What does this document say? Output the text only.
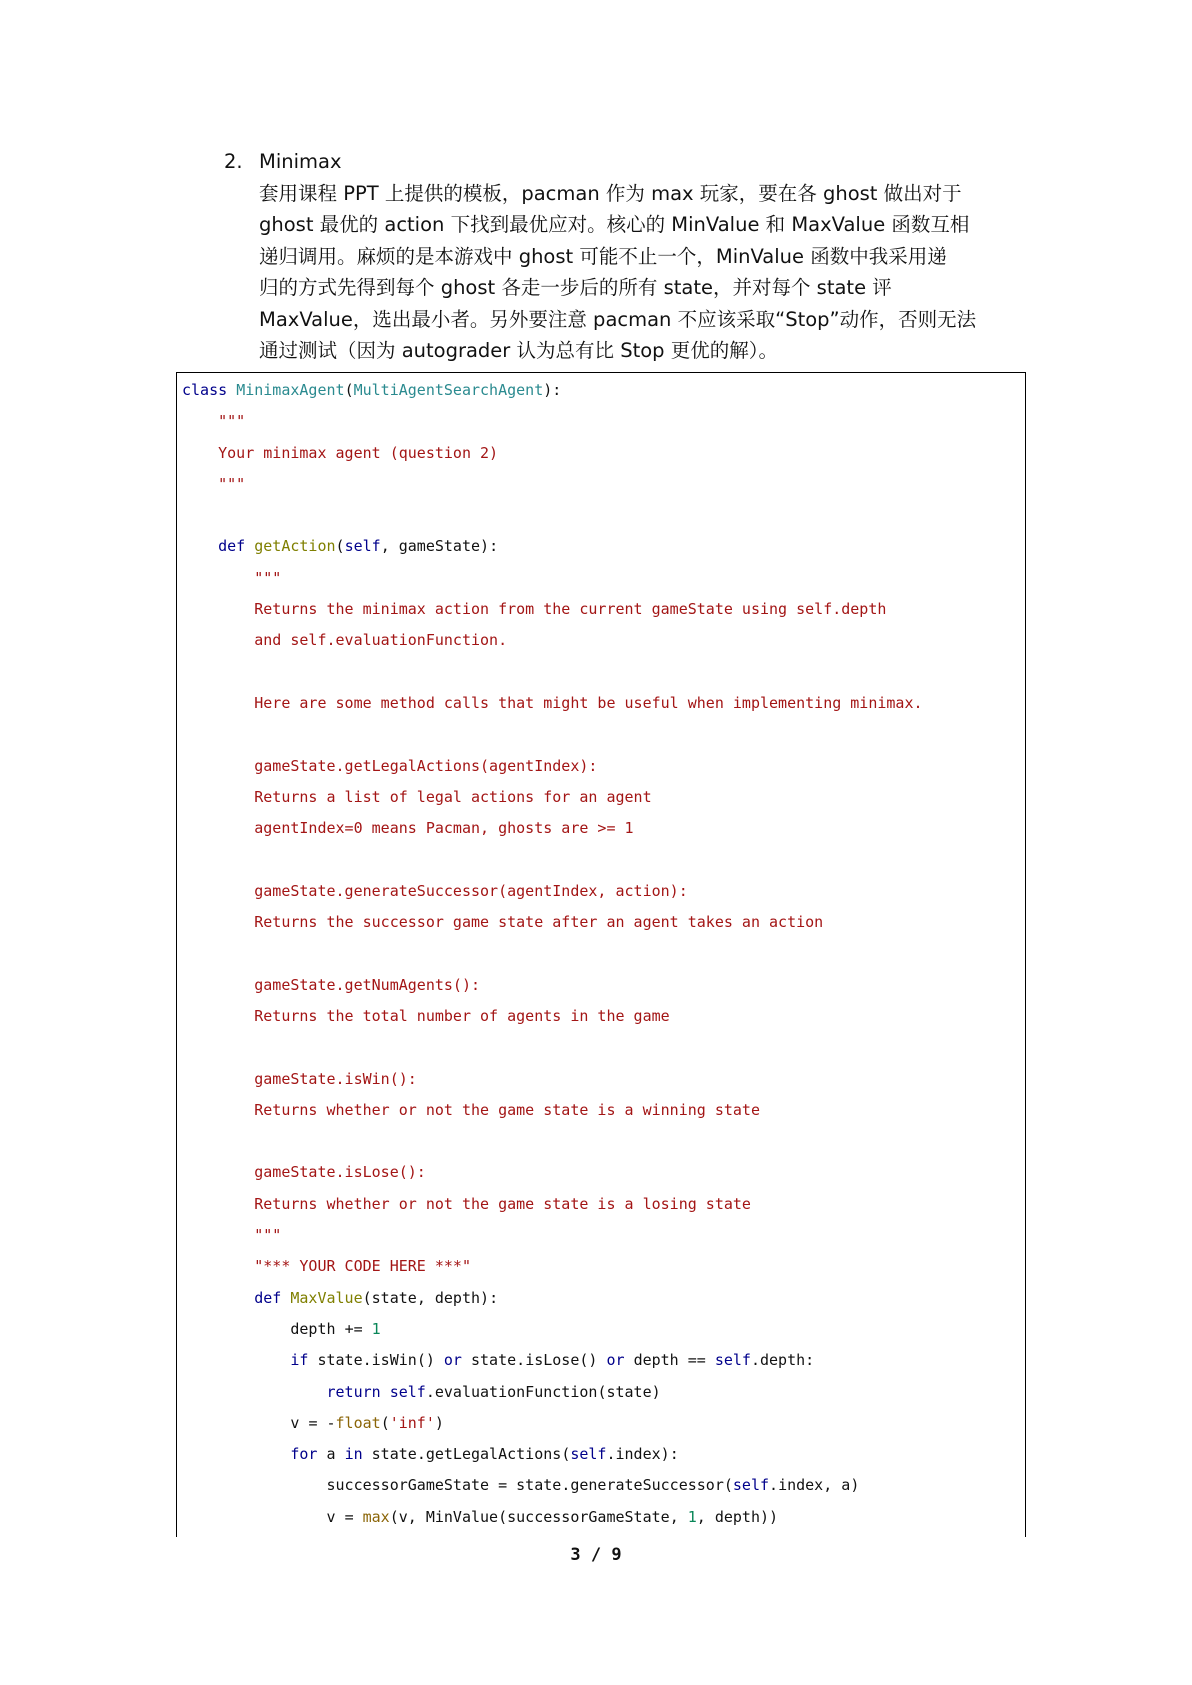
2. Minimax
套用课程 PPT 上提供的模板，pacman 作为 max 玩家，要在各 ghost 做出对于
ghost 最优的 action 下找到最优应对。核心的 MinValue 和 MaxValue 函数互相
递归调用。麻烦的是本游戏中 ghost 可能不止一个，MinValue 函数中我采用递
归的方式先得到每个 ghost 各走一步后的所有 state，并对每个 state 评
MaxValue，选出最小者。另外要注意 pacman 不应该采取“Stop”动作，否则无法
通过测试（因为 autograder 认为总有比 Stop 更优的解）。
class MinimaxAgent(MultiAgentSearchAgent):
"""
Your minimax agent (question 2)
"""
def getAction(self, gameState):
"""
Returns the minimax action from the current gameState using self.depth
and self.evaluationFunction.
Here are some method calls that might be useful when implementing minimax.
gameState.getLegalActions(agentIndex):
Returns a list of legal actions for an agent
agentIndex=0 means Pacman, ghosts are >= 1
gameState.generateSuccessor(agentIndex, action):
Returns the successor game state after an agent takes an action
gameState.getNumAgents():
Returns the total number of agents in the game
gameState.isWin():
Returns whether or not the game state is a winning state
gameState.isLose():
Returns whether or not the game state is a losing state
"""
"*** YOUR CODE HERE ***"
def MaxValue(state, depth):
depth += 1
if state.isWin() or state.isLose() or depth == self.depth:
return self.evaluationFunction(state)
v = -float('inf')
for a in state.getLegalActions(self.index):
successorGameState = state.generateSuccessor(self.index, a)
v = max(v, MinValue(successorGameState, 1, depth))
3 / 9
